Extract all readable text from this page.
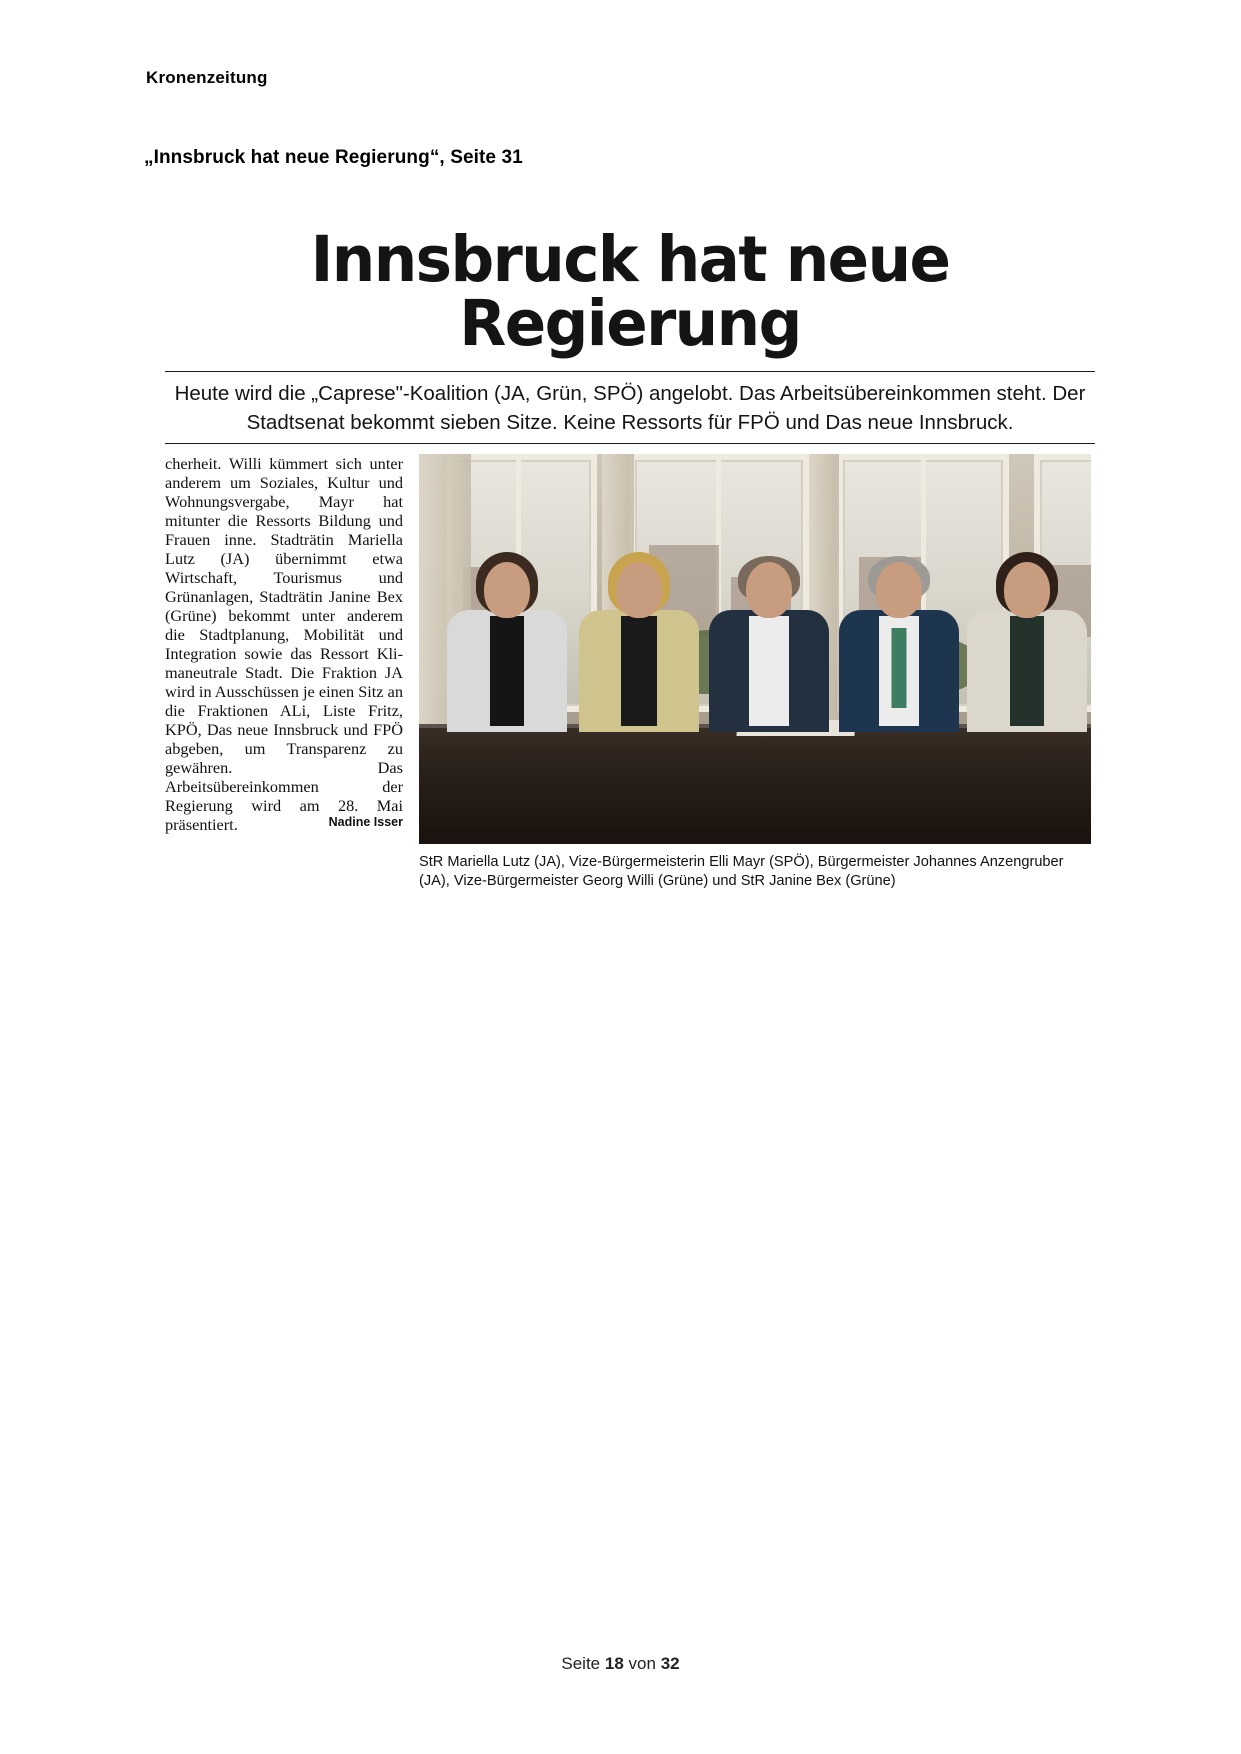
Kronenzeitung
„Innsbruck hat neue Regierung“, Seite 31
Innsbruck hat neue Regierung
Heute wird die „Caprese"-Koalition (JA, Grün, SPÖ) angelobt. Das Arbeitsübereinkommen steht. Der Stadtsenat bekommt sieben Sitze. Keine Ressorts für FPÖ und Das neue Innsbruck.
cherheit. Willi kümmert sich unter anderem um Soziales, Kultur und Wohnungsvergabe, Mayr hat mitunter die Ressorts Bildung und Frauen inne. Stadträtin Mariella Lutz (JA) übernimmt etwa Wirtschaft, Tourismus und Grünanlagen, Stadträtin Janine Bex (Grüne) bekommt unter anderem die Stadtplanung, Mobilität und Integration sowie das Ressort Klimaneutrale Stadt. Die Fraktion JA wird in Ausschüssen je einen Sitz an die Fraktionen ALi, Liste Fritz, KPÖ, Das neue Innsbruck und FPÖ abgeben, um Transparenz zu gewähren. Das Arbeitsübereinkommen der Regierung wird am 28. Mai präsentiert.	Nadine Isser
StR Mariella Lutz (JA), Vize-Bürgermeisterin Elli Mayr (SPÖ), Bürgermeister Johannes Anzengruber (JA), Vize-Bürgermeister Georg Willi (Grüne) und StR Janine Bex (Grüne)
Seite 18 von 32
